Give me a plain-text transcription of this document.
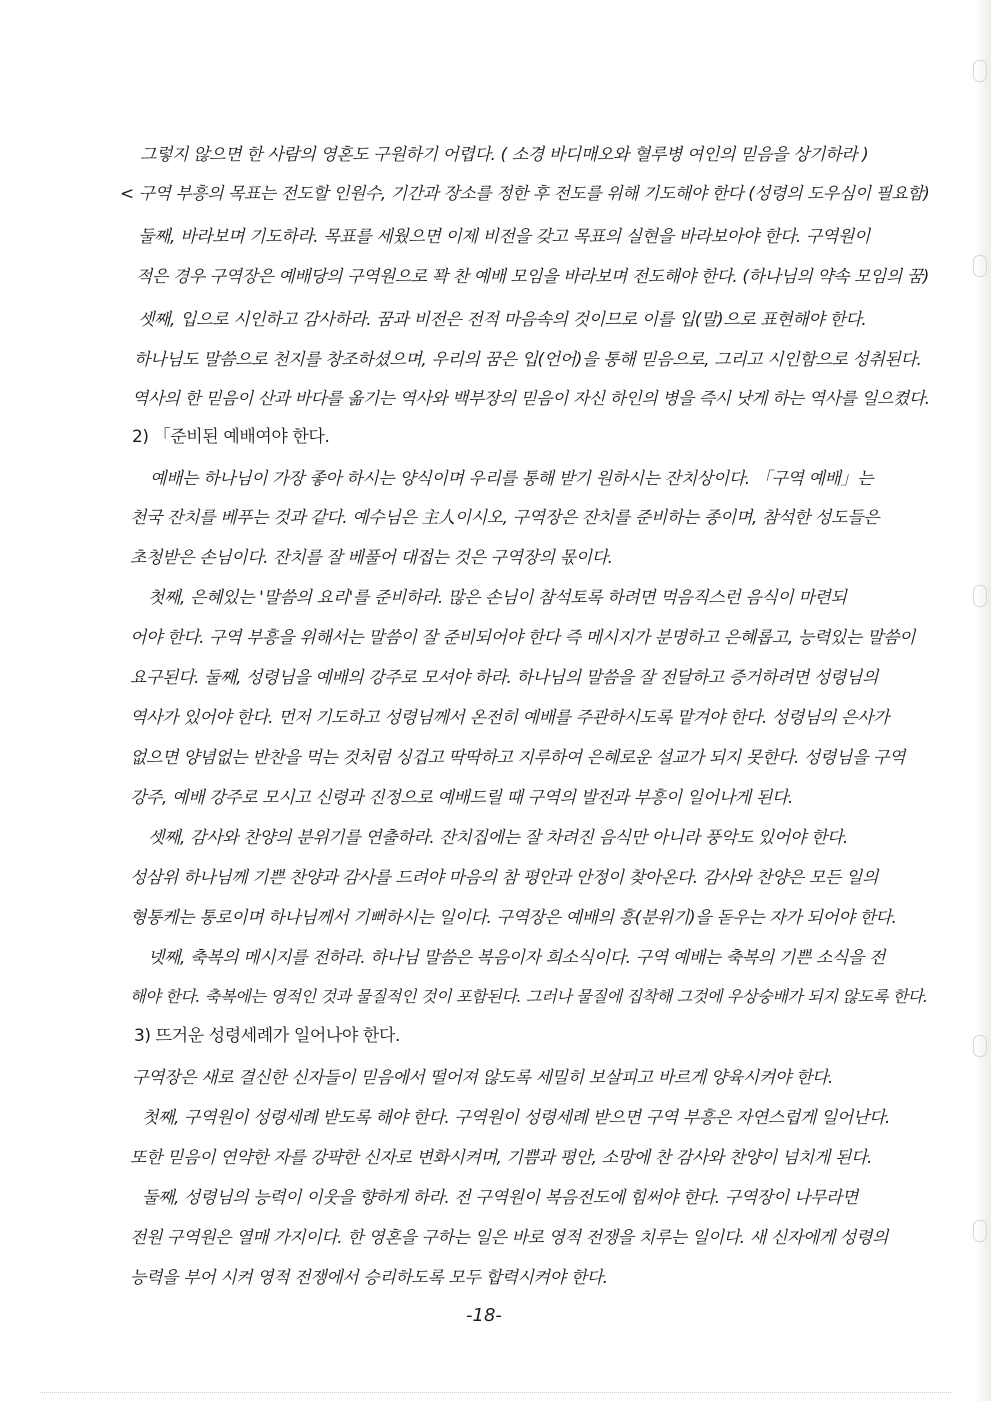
그렇지 않으면 한 사람의 영혼도 구원하기 어렵다. ( 소경 바디매오와 혈루병 여인의 믿음을 상기하라 )
< 구역 부흥의 목표는 전도할 인원수, 기간과 장소를 정한 후 전도를 위해 기도해야 한다 (성령의 도우심이 필요함)
둘째, 바라보며 기도하라. 목표를 세웠으면 이제 비전을 갖고 목표의 실현을 바라보아야 한다. 구역원이
적은 경우 구역장은 예배당의 구역원으로 꽉 찬 예배 모임을 바라보며 전도해야 한다. (하나님의 약속 모임의 꿈)
셋째, 입으로 시인하고 감사하라. 꿈과 비전은 전적 마음속의 것이므로 이를 입(말)으로 표현해야 한다.
하나님도 말씀으로 천지를 창조하셨으며, 우리의 꿈은 입(언어)을 통해 믿음으로, 그리고 시인함으로 성취된다.
역사의 한 믿음이 산과 바다를 옮기는 역사와 백부장의 믿음이 자신 하인의 병을 즉시 낫게 하는 역사를 일으켰다.
2) 「준비된 예배여야 한다.
예배는 하나님이 가장 좋아 하시는 양식이며 우리를 통해 받기 원하시는 잔치상이다. 「구역 예배」는
천국 잔치를 베푸는 것과 같다. 예수님은 主人이시오, 구역장은 잔치를 준비하는 종이며, 참석한 성도들은
초청받은 손님이다. 잔치를 잘 베풀어 대접는 것은 구역장의 몫이다.
첫째, 은혜있는 '말씀의 요리'를 준비하라. 많은 손님이 참석토록 하려면 먹음직스런 음식이 마련되
어야 한다. 구역 부흥을 위해서는 말씀이 잘 준비되어야 한다 즉 메시지가 분명하고 은혜롭고, 능력있는 말씀이
요구된다. 둘째, 성령님을 예배의 강주로 모셔야 하라. 하나님의 말씀을 잘 전달하고 증거하려면 성령님의
역사가 있어야 한다. 먼저 기도하고 성령님께서 온전히 예배를 주관하시도록 맡겨야 한다. 성령님의 은사가
없으면 양념없는 반찬을 먹는 것처럼 싱겁고 딱딱하고 지루하여 은혜로운 설교가 되지 못한다. 성령님을 구역
강주, 예배 강주로 모시고 신령과 진정으로 예배드릴 때 구역의 발전과 부흥이 일어나게 된다.
셋째, 감사와 찬양의 분위기를 연출하라. 잔치집에는 잘 차려진 음식만 아니라 풍악도 있어야 한다.
성삼위 하나님께 기쁜 찬양과 감사를 드려야 마음의 참 평안과 안정이 찾아온다. 감사와 찬양은 모든 일의
형통케는 통로이며 하나님께서 기뻐하시는 일이다. 구역장은 예배의 흥(분위기)을 돋우는 자가 되어야 한다.
넷째, 축복의 메시지를 전하라. 하나님 말씀은 복음이자 희소식이다. 구역 예배는 축복의 기쁜 소식을 전
해야 한다. 축복에는 영적인 것과 물질적인 것이 포함된다. 그러나 물질에 집착해 그것에 우상숭배가 되지 않도록 한다.
3) 뜨거운 성령세례가 일어나야 한다.
구역장은 새로 결신한 신자들이 믿음에서 떨어져 않도록 세밀히 보살피고 바르게 양육시켜야 한다.
첫째, 구역원이 성령세례 받도록 해야 한다. 구역원이 성령세례 받으면 구역 부흥은 자연스럽게 일어난다.
또한 믿음이 연약한 자를 강퍅한 신자로 변화시켜며, 기쁨과 평안, 소망에 찬 감사와 찬양이 넘치게 된다.
둘째, 성령님의 능력이 이웃을 향하게 하라. 전 구역원이 복음전도에 힘써야 한다. 구역장이 나무라면
전원 구역원은 열매 가지이다. 한 영혼을 구하는 일은 바로 영적 전쟁을 치루는 일이다. 새 신자에게 성령의
능력을 부어 시켜 영적 전쟁에서 승리하도록 모두 합력시켜야 한다.
-18-
